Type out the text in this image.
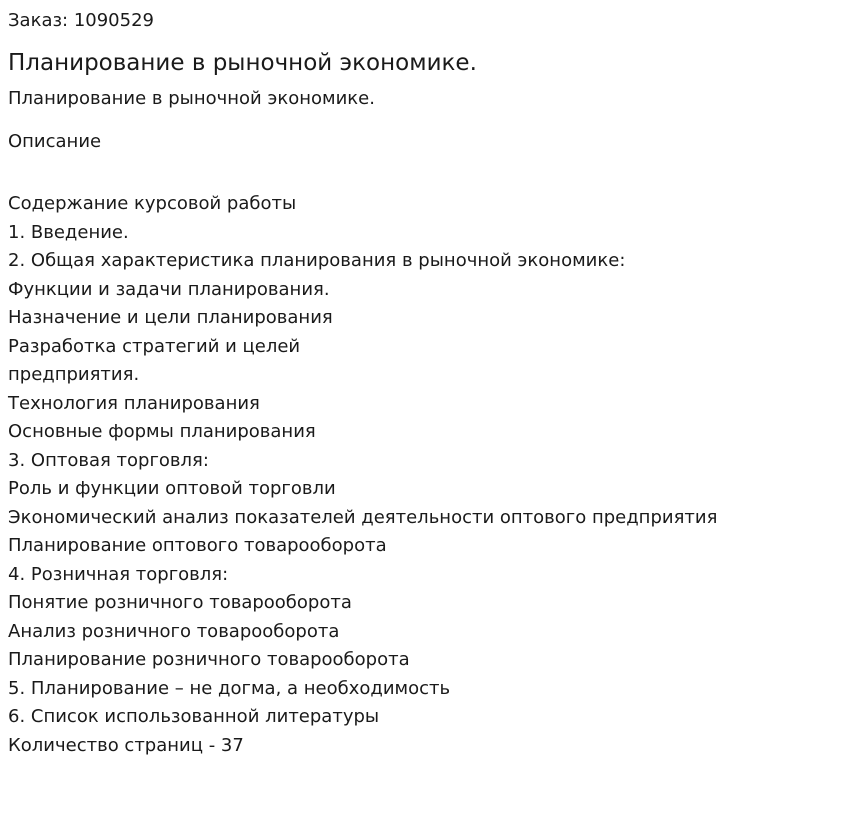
Заказ: 1090529
Планирование в рыночной экономике.
Планирование в рыночной экономике.
Описание
Содержание курсовой работы
1. Введение.
2. Общая характеристика планирования в рыночной экономике:
Функции и задачи планирования.
Назначение и цели планирования
Разработка стратегий и целей
предприятия.
Технология планирования
Основные формы планирования
3. Оптовая торговля:
Роль и функции оптовой торговли
Экономический анализ показателей деятельности оптового предприятия
Планирование оптового товарооборота
4. Розничная торговля:
Понятие розничного товарооборота
Анализ розничного товарооборота
Планирование розничного товарооборота
5. Планирование – не догма, а необходимость
6. Список использованной литературы
Количество страниц - 37
